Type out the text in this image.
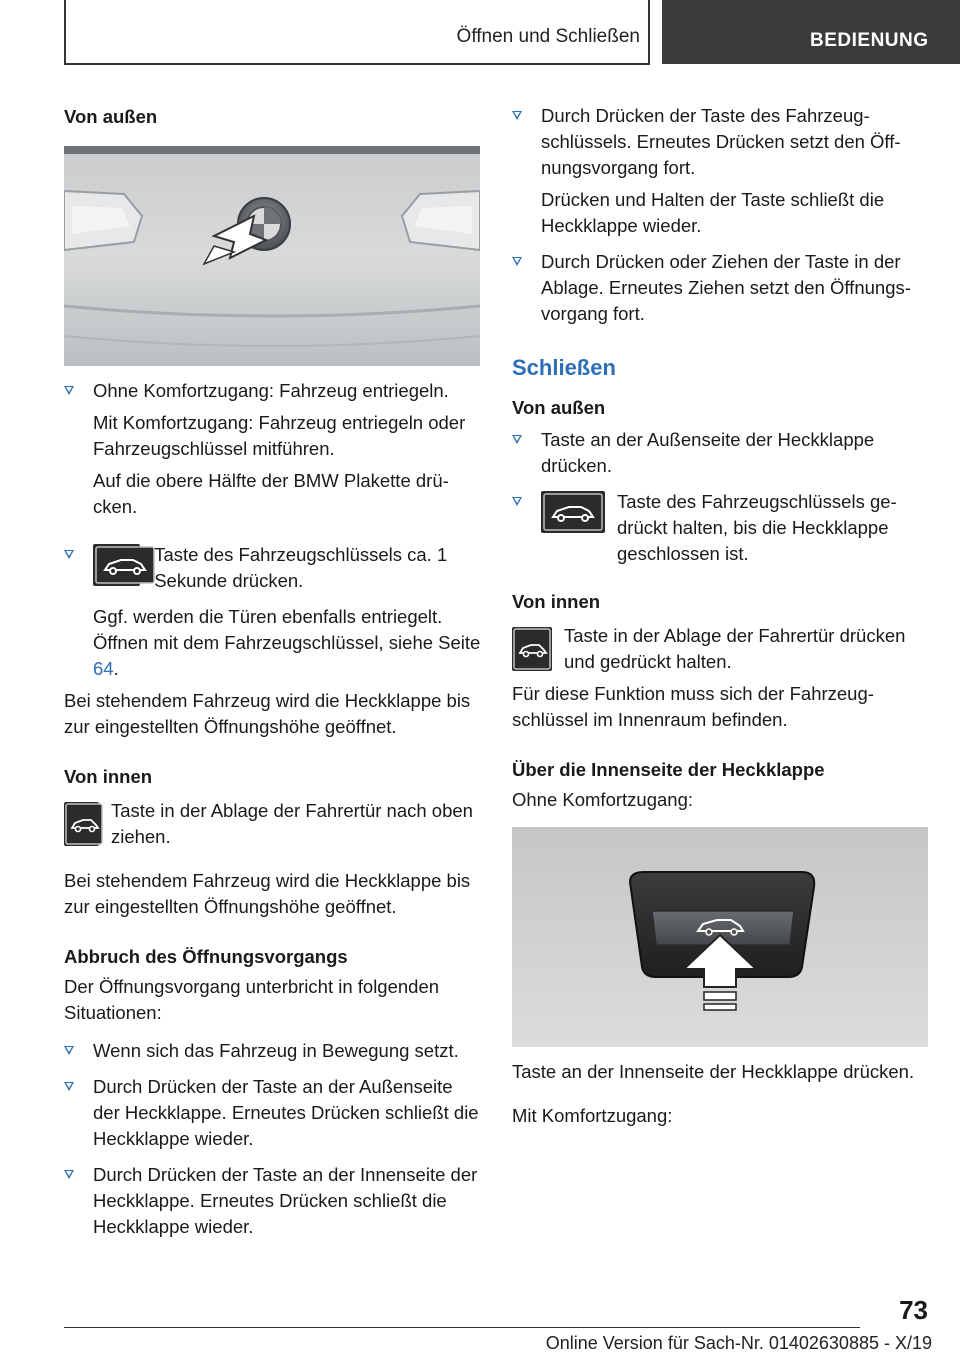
Öffnen und Schließen	BEDIENUNG
Von außen

Ohne Komfortzugang: Fahrzeug entriegeln.

Mit Komfortzugang: Fahrzeug entriegeln oder Fahrzeugschlüssel mitführen.

Auf die obere Hälfte der BMW Plakette drü‐cken.

Taste des Fahrzeugschlüssels ca. 1 Sekunde drücken.

Ggf. werden die Türen ebenfalls entriegelt. Öffnen mit dem Fahrzeugschlüssel, siehe Seite 64.

Bei stehendem Fahrzeug wird die Heckklappe bis zur eingestellten Öffnungshöhe geöffnet.

Von innen

Taste in der Ablage der Fahrertür nach oben ziehen.

Bei stehendem Fahrzeug wird die Heckklappe bis zur eingestellten Öffnungshöhe geöffnet.

Abbruch des Öffnungsvorgangs

Der Öffnungsvorgang unterbricht in folgenden Situationen:

Wenn sich das Fahrzeug in Bewegung setzt.

Durch Drücken der Taste an der Außenseite der Heckklappe. Erneutes Drücken schließt die Heckklappe wieder.

Durch Drücken der Taste an der Innenseite der Heckklappe. Erneutes Drücken schließt die Heckklappe wieder.

Durch Drücken der Taste des Fahrzeug‐schlüssels. Erneutes Drücken setzt den Öff‐nungsvorgang fort.

Drücken und Halten der Taste schließt die Heckklappe wieder.

Durch Drücken oder Ziehen der Taste in der Ablage. Erneutes Ziehen setzt den Öffnungs‐vorgang fort.

Schließen
Von außen

Taste an der Außenseite der Heckklappe drücken.

Taste des Fahrzeugschlüssels ge‐drückt halten, bis die Heckklappe geschlossen ist.

Von innen

Taste in der Ablage der Fahrertür drücken und gedrückt halten.

Für diese Funktion muss sich der Fahrzeug‐schlüssel im Innenraum befinden.

Über die Innenseite der Heckklappe

Ohne Komfortzugang:

Taste an der Innenseite der Heckklappe drücken.

Mit Komfortzugang:

73
Online Version für Sach-Nr. 01402630885 - X/19
